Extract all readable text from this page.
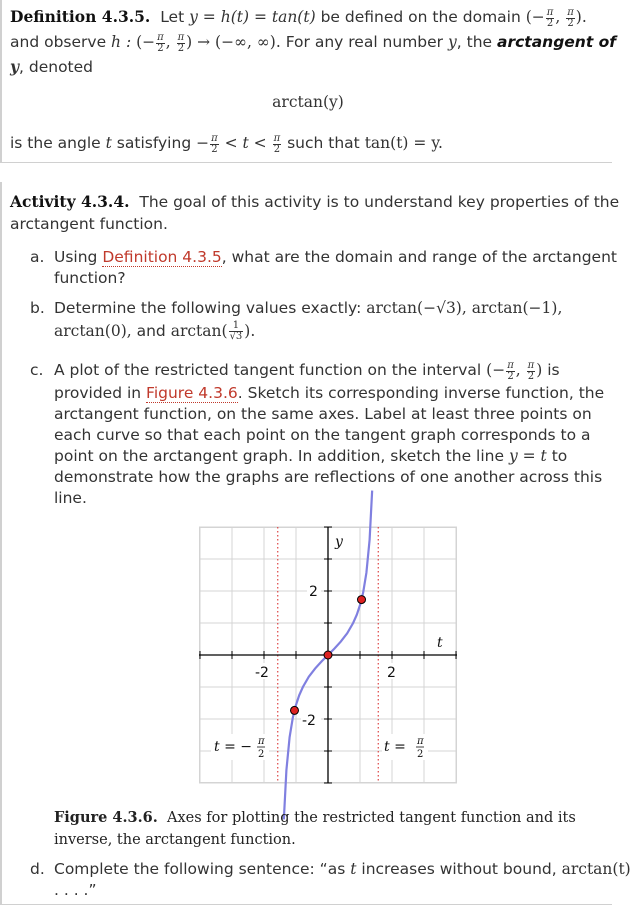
Definition 4.3.5. Let y = h(t) = tan(t) be defined on the domain (− $\frac{\pi}{2}$ , $\frac{\pi}{2}$ ).
and observe h : (− $\frac{\pi}{2}$ , $\frac{\pi}{2}$ ) → (−∞, ∞). For any real number y, the arctangent of
y, denoted
arctan(y)
is the angle t satisfying − $\frac{\pi}{2} < t < \frac{\pi}{2}$ such that tan(t) = y.
Activity 4.3.4. The goal of this activity is to understand key properties of the
arctangent function.
a. Using Definition 4.3.5, what are the domain and range of the arctangent
function?
b. Determine the following values exactly: arctan(−√3), arctan(−1),
arctan(0), and $\arctan( \frac{1}{√3}$ ).
c. A plot of the restricted tangent function on the interval (− $\frac{\pi}{2}$ , $\frac{\pi}{2}$ ) is
provided in Figure 4.3.6. Sketch its corresponding inverse function, the
arctangent function, on the same axes. Label at least three points on
each curve so that each point on the tangent graph corresponds to a
point on the arctangent graph. In addition, sketch the line y = t to
demonstrate how the graphs are reflections of one another across this
line.
y
t
2
-2
-2	2
t = − π
2	t = π
2
Figure 4.3.6. Axes for plotting the restricted tangent function and its
inverse, the arctangent function.
d. Complete the following sentence: “as t increases without bound, arctan(t)
. . . .”
